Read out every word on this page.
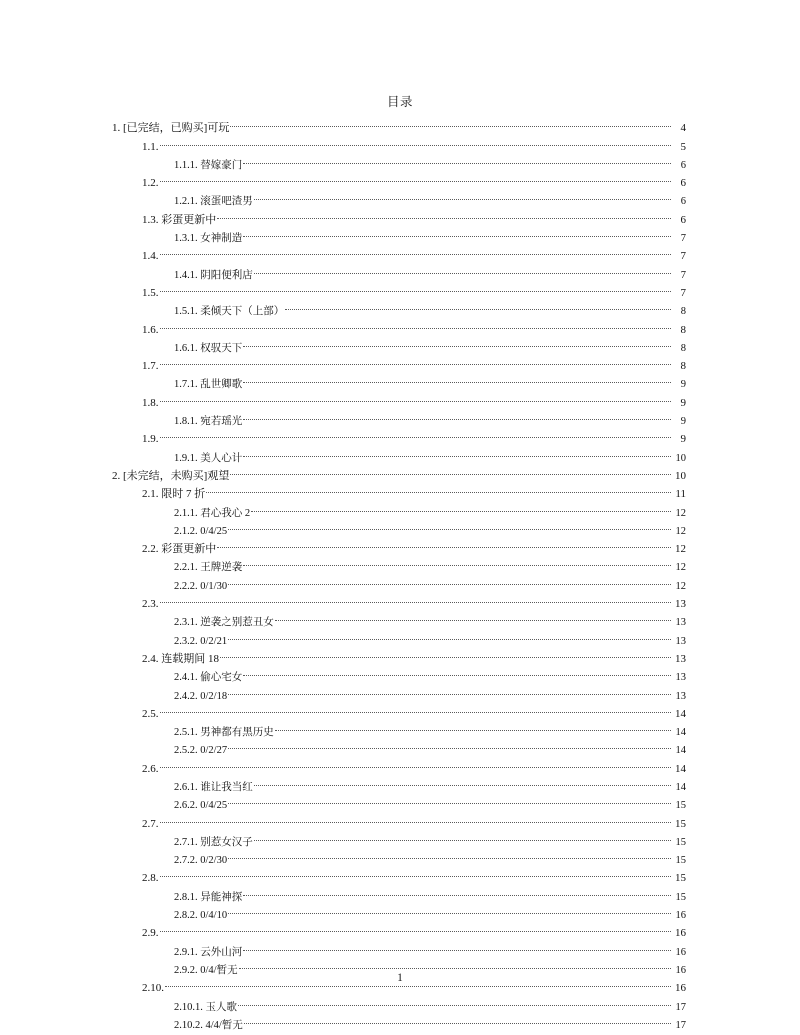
目录
1. [已完结，已购买]可玩	4
1.1.	5
1.1.1. 替嫁豪门	6
1.2.	6
1.2.1. 滚蛋吧渣男	6
1.3. 彩蛋更新中	6
1.3.1. 女神制造	7
1.4.	7
1.4.1. 阴阳便利店	7
1.5.	7
1.5.1. 柔倾天下（上部）	8
1.6.	8
1.6.1. 权驭天下	8
1.7.	8
1.7.1. 乱世卿歌	9
1.8.	9
1.8.1. 宛若瑶光	9
1.9.	9
1.9.1. 美人心计	10
2. [未完结，未购买]观望	10
2.1. 限时 7 折	11
2.1.1. 君心我心 2	12
2.1.2. 0/4/25	12
2.2. 彩蛋更新中	12
2.2.1. 王牌逆袭	12
2.2.2. 0/1/30	12
2.3.	13
2.3.1. 逆袭之别惹丑女	13
2.3.2. 0/2/21	13
2.4. 连载期间 18	13
2.4.1. 偷心宅女	13
2.4.2. 0/2/18	13
2.5.	14
2.5.1. 男神都有黑历史	14
2.5.2. 0/2/27	14
2.6.	14
2.6.1. 谁让我当红	14
2.6.2. 0/4/25	15
2.7.	15
2.7.1. 别惹女汉子	15
2.7.2. 0/2/30	15
2.8.	15
2.8.1. 异能神探	15
2.8.2. 0/4/10	16
2.9.	16
2.9.1. 云外山河	16
2.9.2. 0/4/暂无	16
2.10.	16
2.10.1. 玉人歌	17
2.10.2. 4/4/暂无	17
1
